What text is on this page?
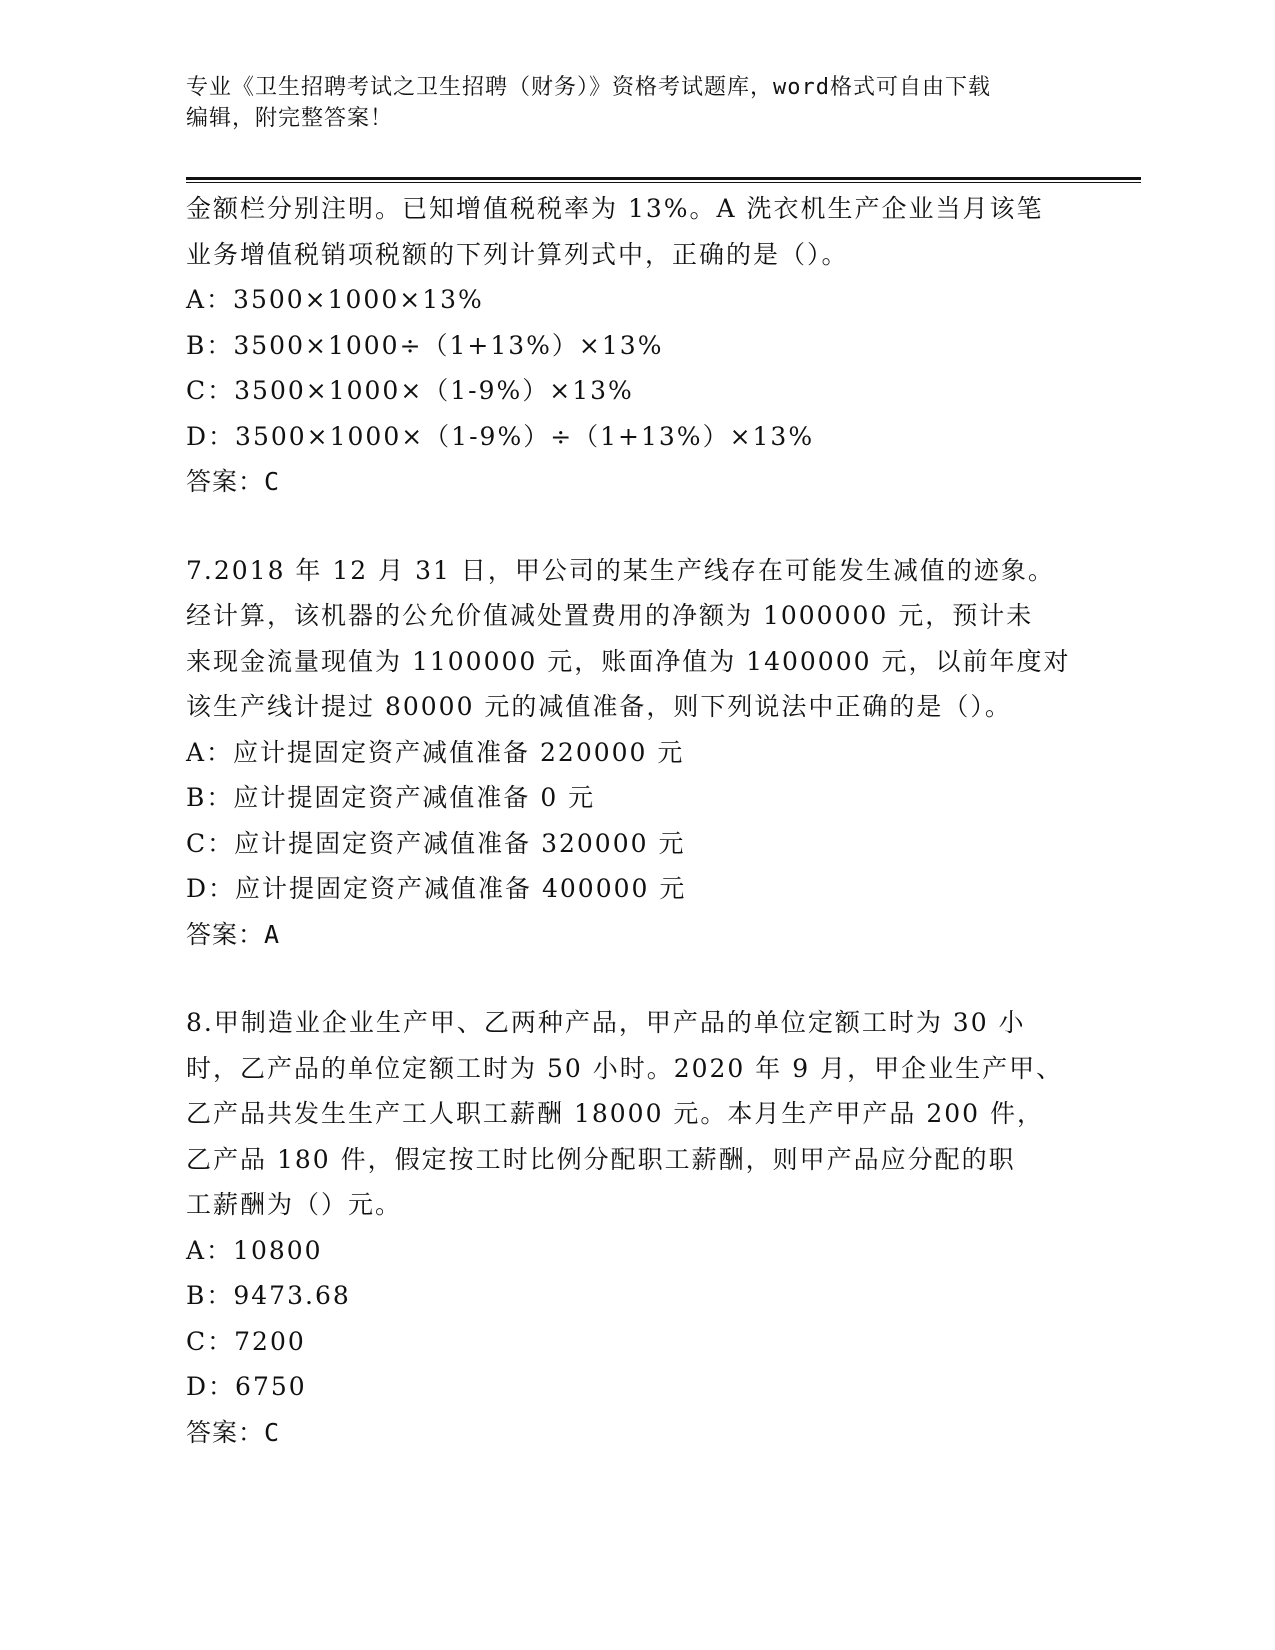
专业《卫生招聘考试之卫生招聘（财务）》资格考试题库，word格式可自由下载
编辑，附完整答案！
金额栏分别注明。已知增值税税率为 13%。A 洗衣机生产企业当月该笔
业务增值税销项税额的下列计算列式中，正确的是（）。
A：3500×1000×13%
B：3500×1000÷（1+13%）×13%
C：3500×1000×（1-9%）×13%
D：3500×1000×（1-9%）÷（1+13%）×13%
答案：C
7.2018 年 12 月 31 日，甲公司的某生产线存在可能发生减值的迹象。
经计算，该机器的公允价值减处置费用的净额为 1000000 元，预计未
来现金流量现值为 1100000 元，账面净值为 1400000 元，以前年度对
该生产线计提过 80000 元的减值准备，则下列说法中正确的是（）。
A：应计提固定资产减值准备 220000 元
B：应计提固定资产减值准备 0 元
C：应计提固定资产减值准备 320000 元
D：应计提固定资产减值准备 400000 元
答案：A
8.甲制造业企业生产甲、乙两种产品，甲产品的单位定额工时为 30 小
时，乙产品的单位定额工时为 50 小时。2020 年 9 月，甲企业生产甲、
乙产品共发生生产工人职工薪酬 18000 元。本月生产甲产品 200 件，
乙产品 180 件，假定按工时比例分配职工薪酬，则甲产品应分配的职
工薪酬为（）元。
A：10800
B：9473.68
C：7200
D：6750
答案：C
